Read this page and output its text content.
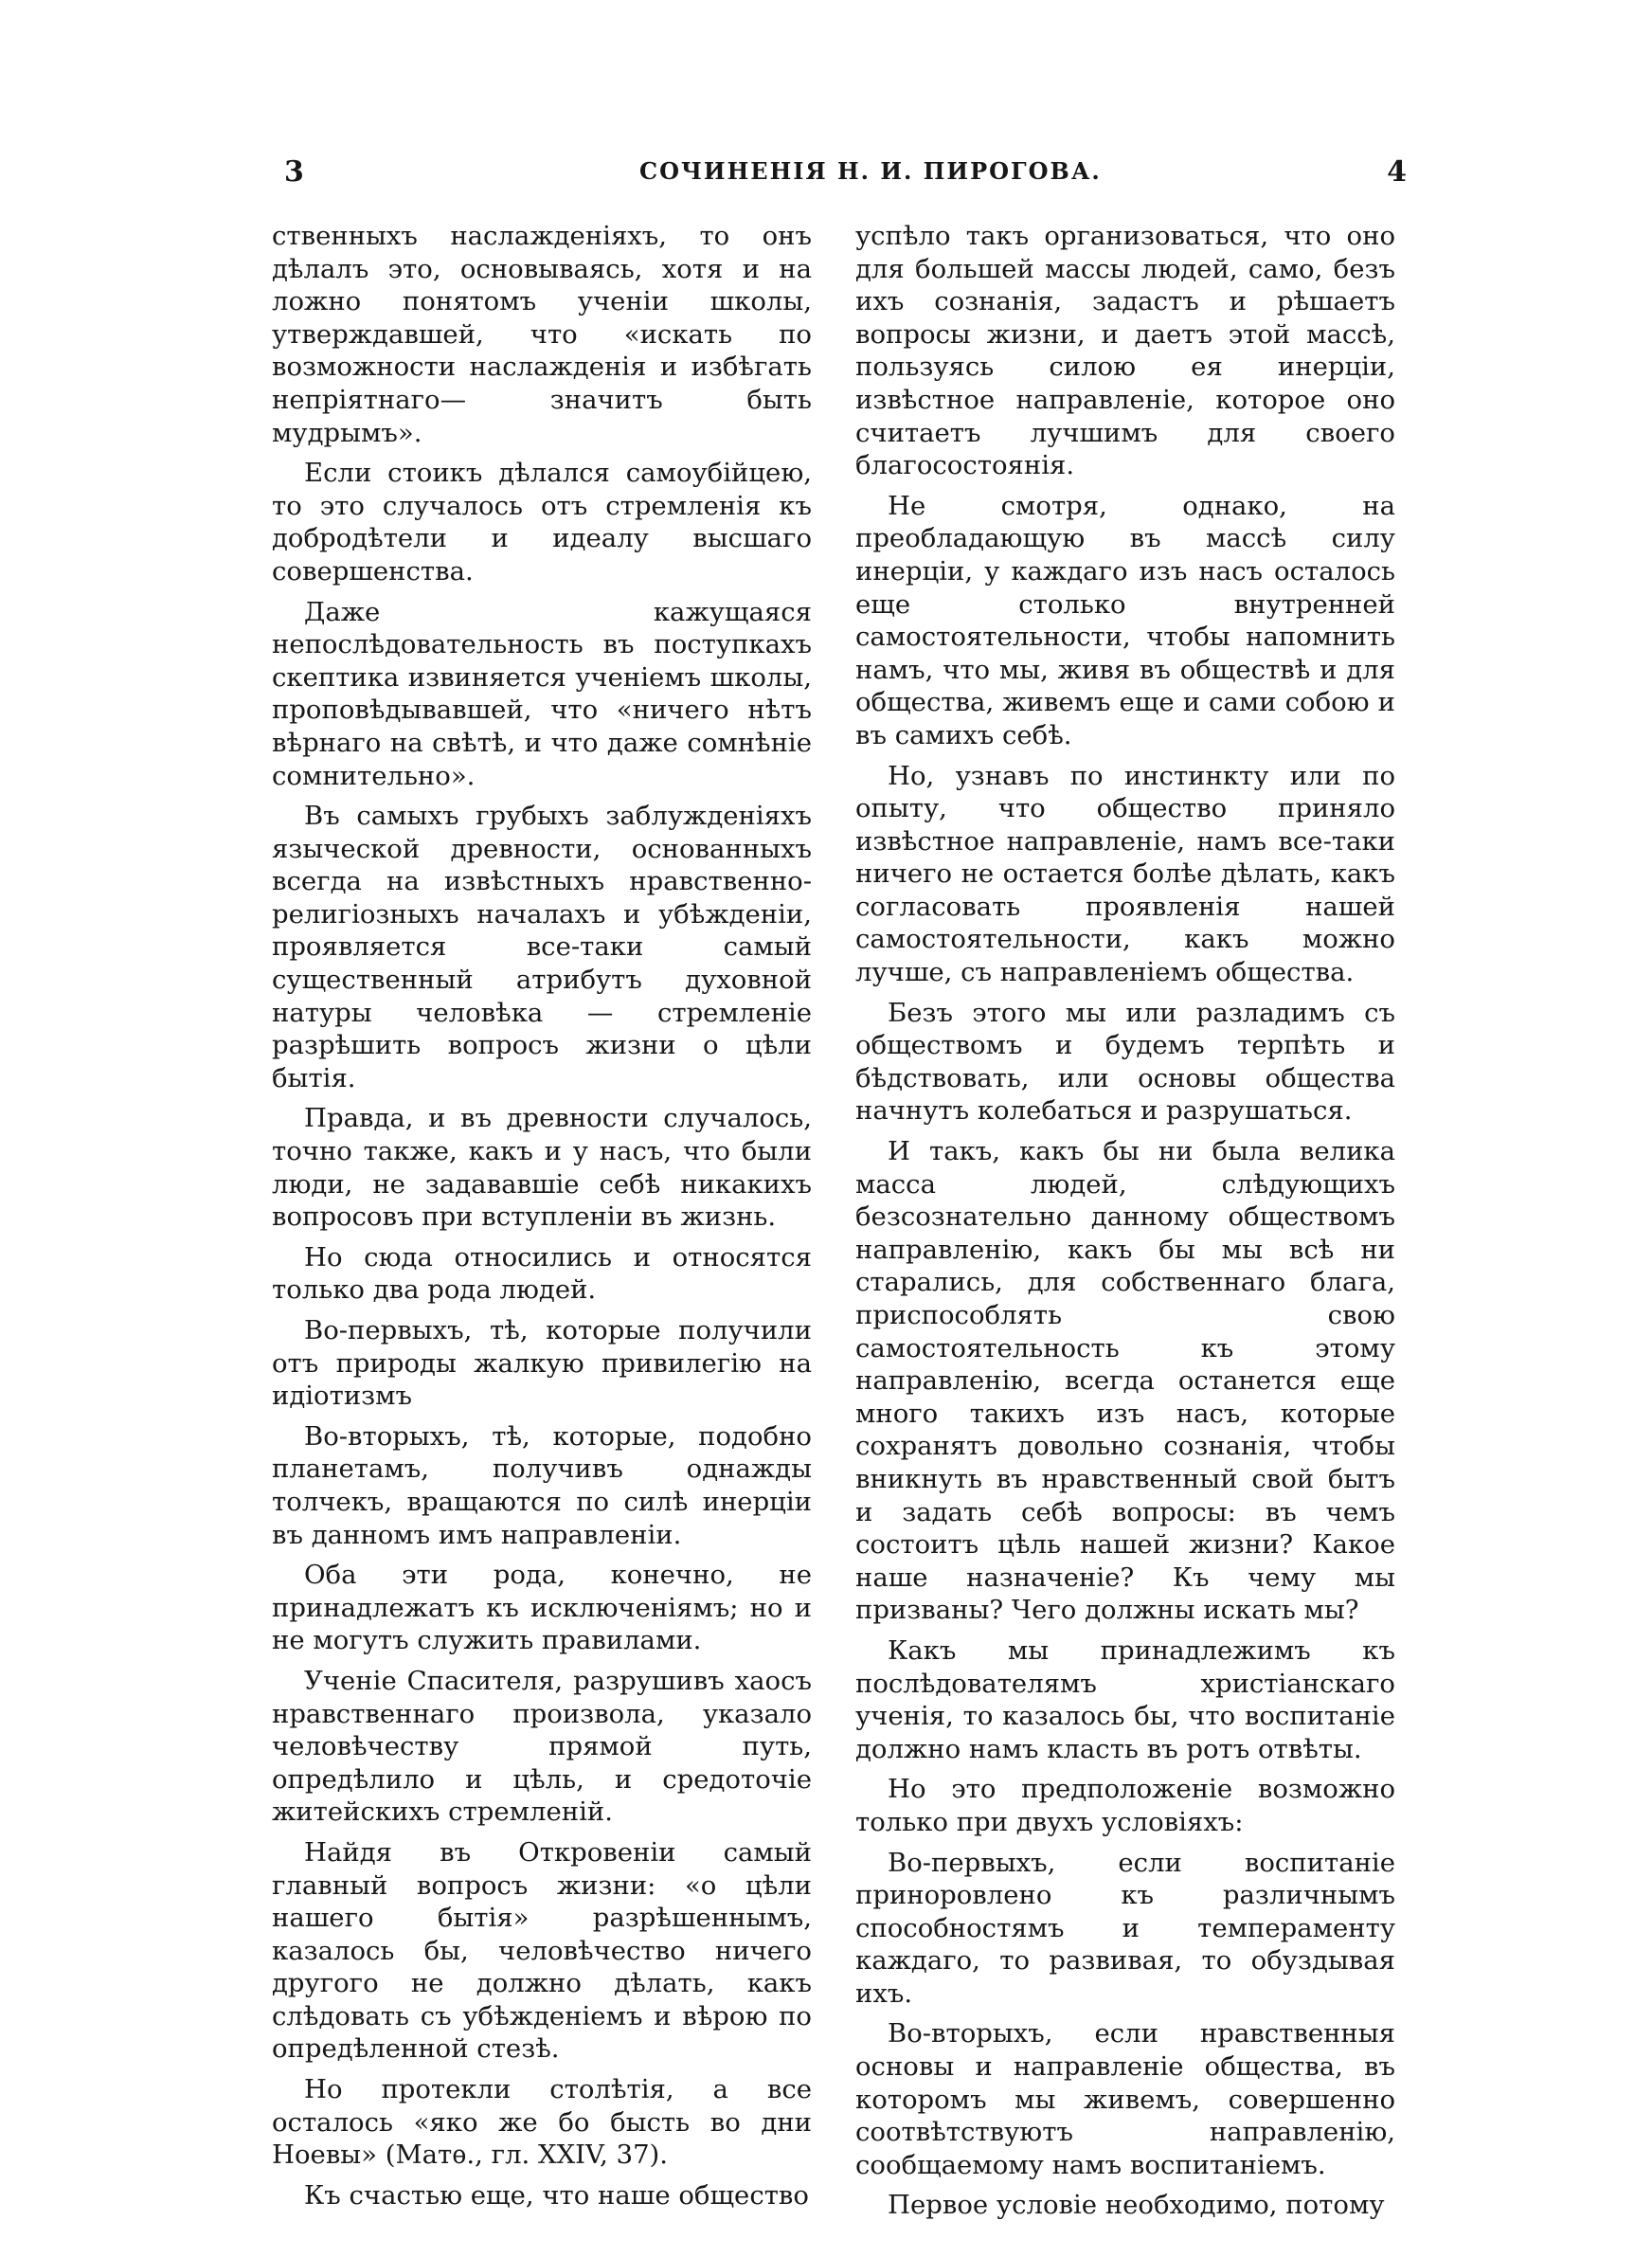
3	СОЧИНЕНІЯ Н. И. ПИРОГОВА.	4

ственныхъ наслажденіяхъ, то онъ дѣлалъ это, основываясь, хотя и на ложно понятомъ ученіи школы, утверждавшей, что «искать по возможности наслажденія и избѣгать непріятнаго— значитъ быть мудрымъ».

Если стоикъ дѣлался самоубійцею, то это случалось отъ стремленія къ добродѣтели и идеалу высшаго совершенства.

Даже кажущаяся непослѣдовательность въ поступкахъ скептика извиняется ученіемъ школы, проповѣдывавшей, что «ничего нѣтъ вѣрнаго на свѣтѣ, и что даже сомнѣніе сомнительно».

Въ самыхъ грубыхъ заблужденіяхъ языческой древности, основанныхъ всегда на извѣстныхъ нравственно-религіозныхъ началахъ и убѣжденіи, проявляется все-таки самый существенный атрибутъ духовной натуры человѣка — стремленіе разрѣшить вопросъ жизни о цѣли бытія.

Правда, и въ древности случалось, точно также, какъ и у насъ, что были люди, не задававшіе себѣ никакихъ вопросовъ при вступленіи въ жизнь.

Но сюда относились и относятся только два рода людей.

Во-первыхъ, тѣ, которые получили отъ природы жалкую привилегію на идіотизмъ

Во-вторыхъ, тѣ, которые, подобно планетамъ, получивъ однажды толчекъ, вращаются по силѣ инерціи въ данномъ имъ направленіи.

Оба эти рода, конечно, не принадлежатъ къ исключеніямъ; но и не могутъ служить правилами.

Ученіе Спасителя, разрушивъ хаосъ нравственнаго произвола, указало человѣчеству прямой путь, опредѣлило и цѣль, и средоточіе житейскихъ стремленій.

Найдя въ Откровеніи самый главный вопросъ жизни: «о цѣли нашего бытія» разрѣшеннымъ, казалось бы, человѣчество ничего другого не должно дѣлать, какъ слѣдовать съ убѣжденіемъ и вѣрою по опредѣленной стезѣ.

Но протекли столѣтія, а все осталось «яко же бо бысть во дни Ноевы» (Матѳ., гл. XXIV, 37).

Къ счастью еще, что наше общество

успѣло такъ организоваться, что оно для большей массы людей, само, безъ ихъ сознанія, задастъ и рѣшаетъ вопросы жизни, и даетъ этой массѣ, пользуясь силою ея инерціи, извѣстное направленіе, которое оно считаетъ лучшимъ для своего благосостоянія.

Не смотря, однако, на преобладающую въ массѣ силу инерціи, у каждаго изъ насъ осталось еще столько внутренней самостоятельности, чтобы напомнить намъ, что мы, живя въ обществѣ и для общества, живемъ еще и сами собою и въ самихъ себѣ.

Но, узнавъ по инстинкту или по опыту, что общество приняло извѣстное направленіе, намъ все-таки ничего не остается болѣе дѣлать, какъ согласовать проявленія нашей самостоятельности, какъ можно лучше, съ направленіемъ общества.

Безъ этого мы или разладимъ съ обществомъ и будемъ терпѣть и бѣдствовать, или основы общества начнутъ колебаться и разрушаться.

И такъ, какъ бы ни была велика масса людей, слѣдующихъ безсознательно данному обществомъ направленію, какъ бы мы всѣ ни старались, для собственнаго блага, приспособлять свою самостоятельность къ этому направленію, всегда останется еще много такихъ изъ насъ, которые сохранятъ довольно сознанія, чтобы вникнуть въ нравственный свой бытъ и задать себѣ вопросы: въ чемъ состоитъ цѣль нашей жизни? Какое наше назначеніе? Къ чему мы призваны? Чего должны искать мы?

Какъ мы принадлежимъ къ послѣдователямъ христіанскаго ученія, то казалось бы, что воспитаніе должно намъ класть въ ротъ отвѣты.

Но это предположеніе возможно только при двухъ условіяхъ:

Во-первыхъ, если воспитаніе приноровлено къ различнымъ способностямъ и темпераменту каждаго, то развивая, то обуздывая ихъ.

Во-вторыхъ, если нравственныя основы и направленіе общества, въ которомъ мы живемъ, совершенно соотвѣтствуютъ направленію, сообщаемому намъ воспитаніемъ.

Первое условіе необходимо, потому
